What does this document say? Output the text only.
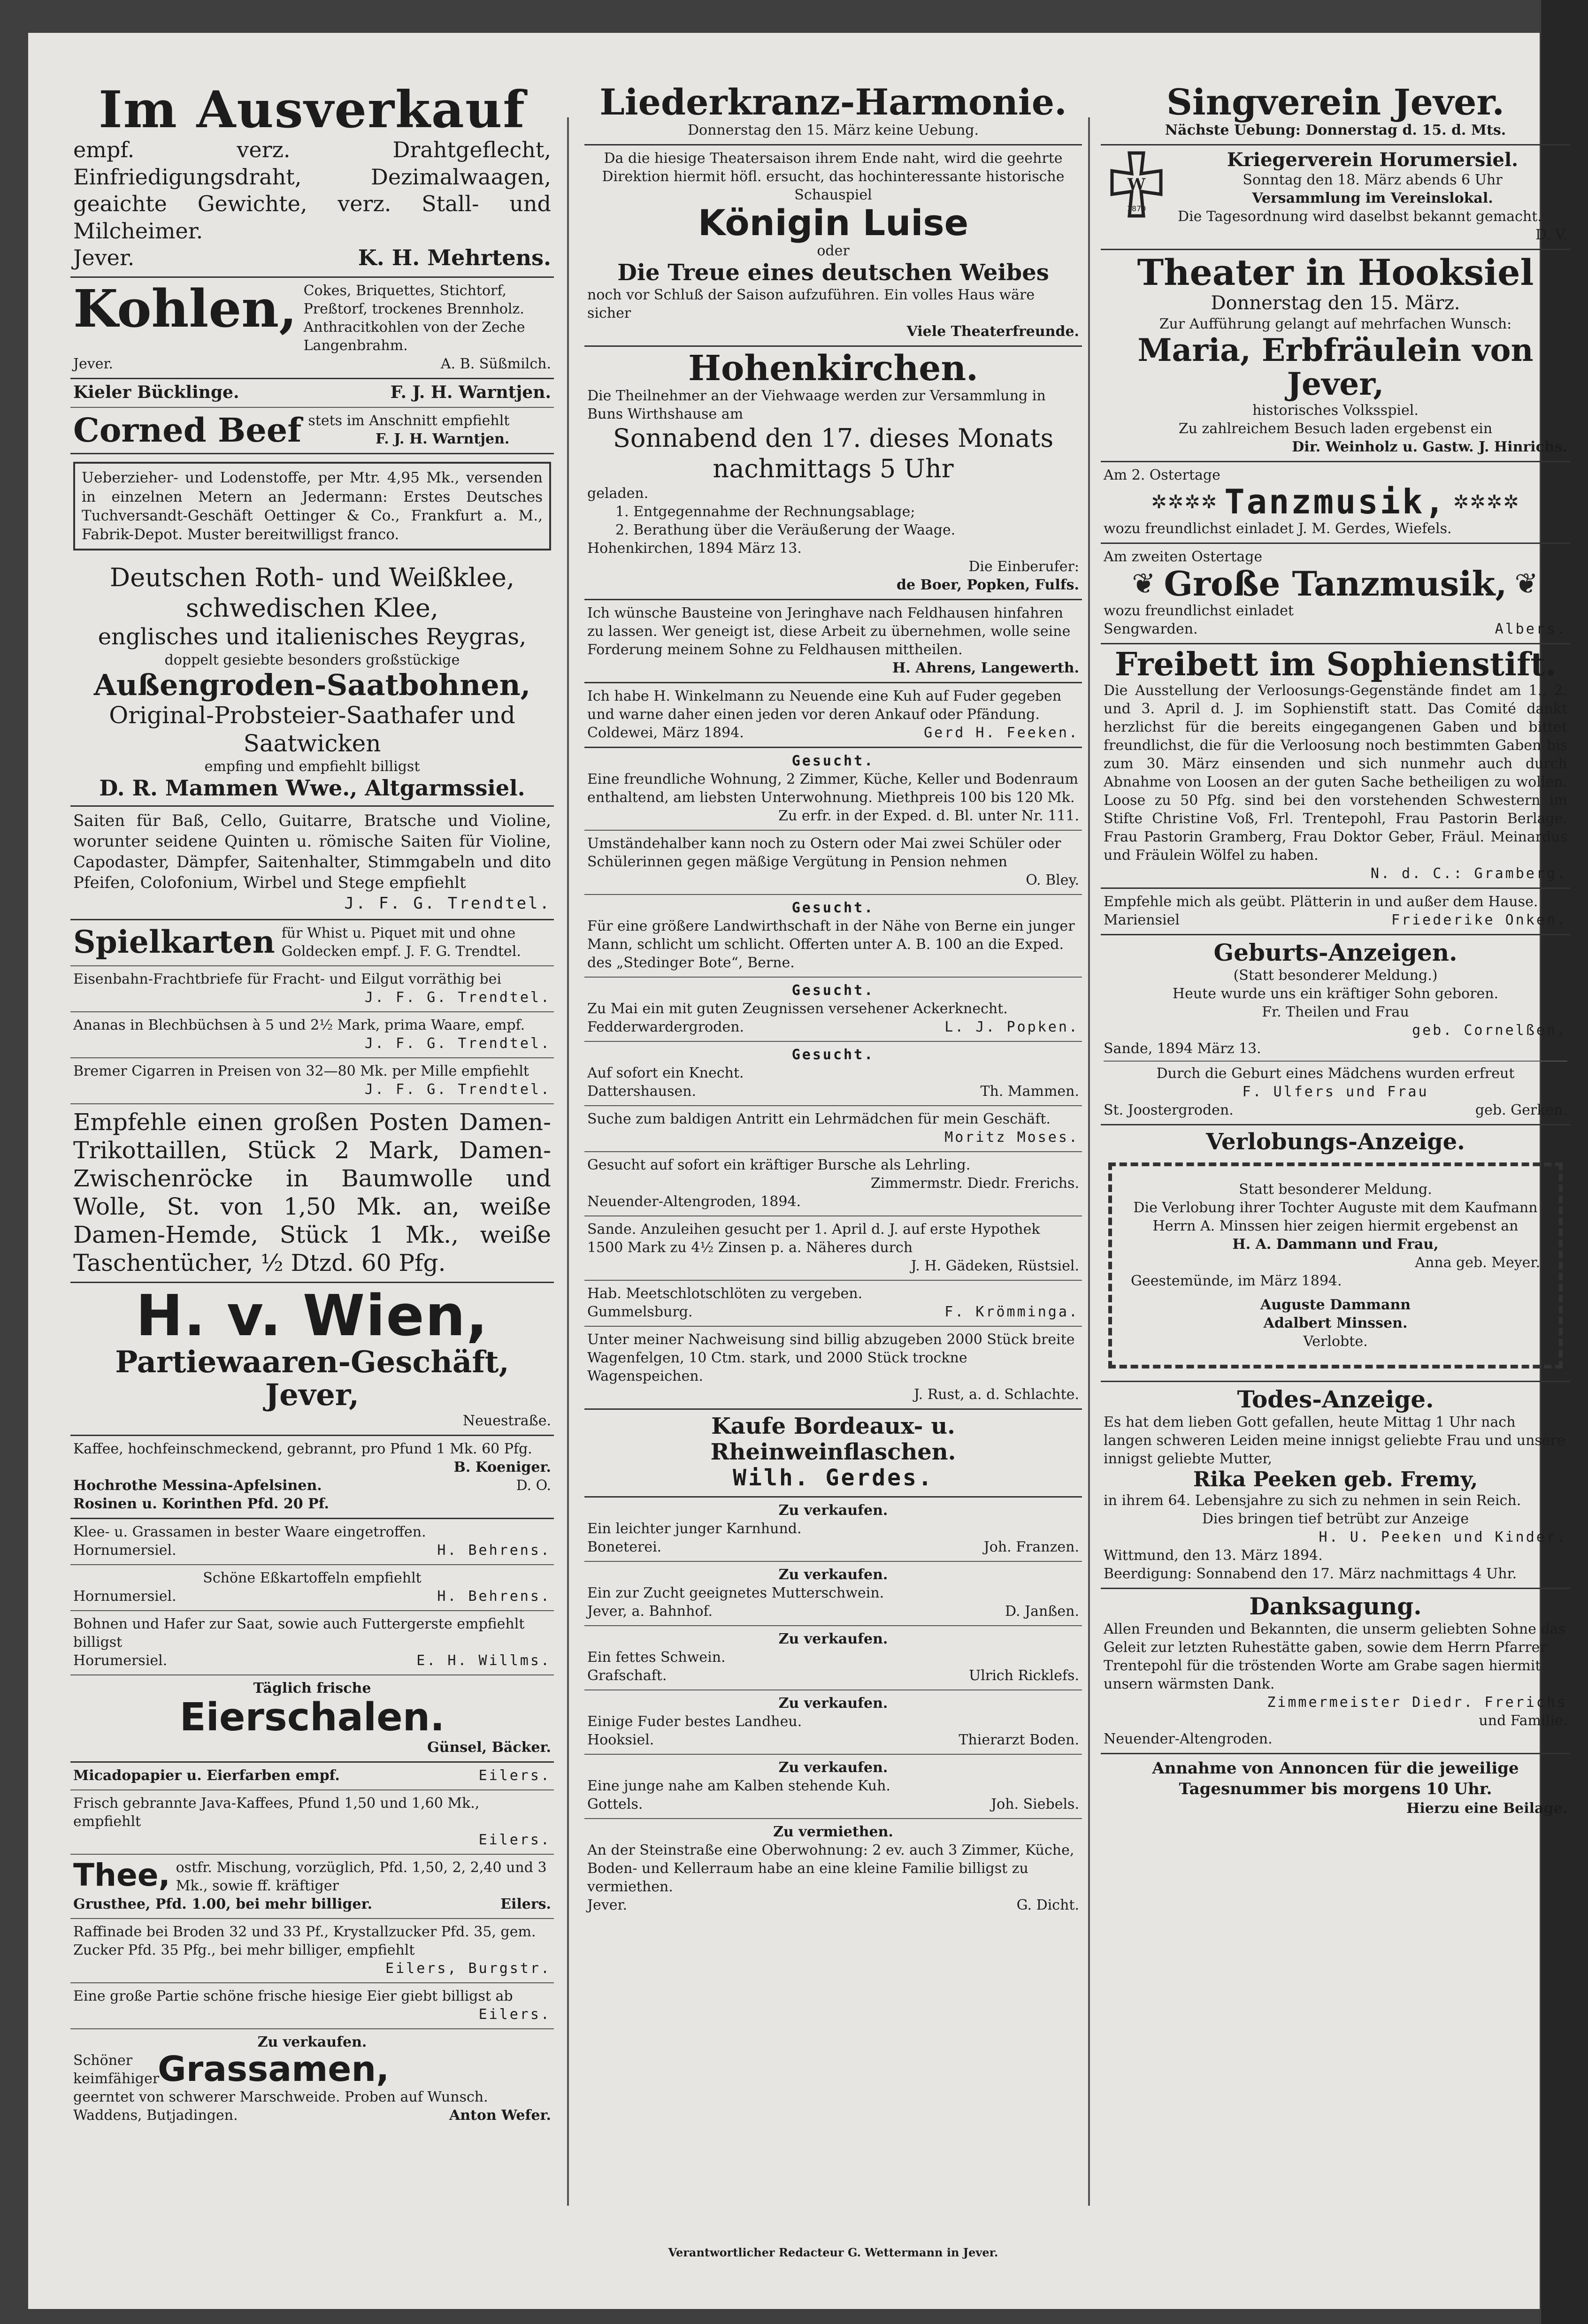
Im Ausverkauf
empf. verz. Drahtgeflecht, Einfriedigungsdraht, Dezimalwaagen, geaichte Gewichte, verz. Stall- und Milcheimer.
Jever.	K. H. Mehrtens.
Kohlen, Cokes, Briquettes, Stichtorf, Preßtorf, trockenes Brennholz. Anthracitkohlen von der Zeche Langenbrahm.
Jever.	A. B. Süßmilch.
Kieler Bücklinge.	F. J. H. Warntjen.
Corned Beef stets im Anschnitt empfiehlt
F. J. H. Warntjen.
Ueberzieher- und Lodenstoffe, per Mtr. 4,95 Mk., versenden in einzelnen Metern an Jedermann: Erstes Deutsches Tuchversandt-Geschäft Oettinger & Co., Frankfurt a. M., Fabrik-Depot. Muster bereitwilligst franco.
Deutschen Roth- und Weißklee,
schwedischen Klee,
englisches und italienisches Reygras,
doppelt gesiebte besonders großstückige
Außengroden-Saatbohnen,
Original-Probsteier-Saathafer und Saatwicken
empfing und empfiehlt billigst
D. R. Mammen Wwe., Altgarmssiel.
Saiten für Baß, Cello, Guitarre, Bratsche und Violine, worunter seidene Quinten u. römische Saiten für Violine, Capodaster, Dämpfer, Saitenhalter, Stimmgabeln und dito Pfeifen, Colofonium, Wirbel und Stege empfiehlt
J. F. G. Trendtel.
Spielkarten für Whist u. Piquet mit und ohne Goldecken empf. J. F. G. Trendtel.
Eisenbahn-Frachtbriefe für Fracht- und Eilgut vorräthig bei
J. F. G. Trendtel.
Ananas in Blechbüchsen à 5 und 2½ Mark, prima Waare, empf.
J. F. G. Trendtel.
Bremer Cigarren in Preisen von 32—80 Mk. per Mille empfiehlt
J. F. G. Trendtel.
Empfehle einen großen Posten Damen-Trikottaillen, Stück 2 Mark, Damen-Zwischenröcke in Baumwolle und Wolle, St. von 1,50 Mk. an, weiße Damen-Hemde, Stück 1 Mk., weiße Taschentücher, ½ Dtzd. 60 Pfg.
H. v. Wien,
Partiewaaren-Geschäft, Jever,
Neuestraße.
Kaffee, hochfeinschmeckend, gebrannt, pro Pfund 1 Mk. 60 Pfg.
B. Koeniger.
Hochrothe Messina-Apfelsinen.	D. O.
Rosinen u. Korinthen Pfd. 20 Pf.
Klee- u. Grassamen in bester Waare eingetroffen.
Hornumersiel.	H. Behrens.
Schöne Eßkartoffeln empfiehlt
Hornumersiel.	H. Behrens.
Bohnen und Hafer zur Saat, sowie auch Futtergerste empfiehlt billigst
Horumersiel.	E. H. Willms.
Täglich frische
Eierschalen.
Günsel, Bäcker.
Micadopapier u. Eierfarben empf.	Eilers.
Frisch gebrannte Java-Kaffees, Pfund 1,50 und 1,60 Mk., empfiehlt
Eilers.
Thee, ostfr. Mischung, vorzüglich, Pfd. 1,50, 2, 2,40 und 3 Mk., sowie ff. kräftiger
Grusthee, Pfd. 1.00, bei mehr billiger.	Eilers.
Raffinade bei Broden 32 und 33 Pf., Krystallzucker Pfd. 35, gem. Zucker Pfd. 35 Pfg., bei mehr billiger, empfiehlt
Eilers, Burgstr.
Eine große Partie schöne frische hiesige Eier giebt billigst ab
Eilers.
Zu verkaufen.
Schöner keimfähiger
Grassamen,
geerntet von schwerer Marschweide. Proben auf Wunsch.
Waddens, Butjadingen.	Anton Wefer.
Liederkranz-Harmonie.
Donnerstag den 15. März keine Uebung.
Da die hiesige Theatersaison ihrem Ende naht, wird die geehrte Direktion hiermit höfl. ersucht, das hochinteressante historische Schauspiel
Königin Luise
oder
Die Treue eines deutschen Weibes
noch vor Schluß der Saison aufzuführen. Ein volles Haus wäre sicher
Viele Theaterfreunde.
Hohenkirchen.
Die Theilnehmer an der Viehwaage werden zur Versammlung in Buns Wirthshause am
Sonnabend den 17. dieses Monats
nachmittags 5 Uhr
geladen.
1. Entgegennahme der Rechnungsablage;
2. Berathung über die Veräußerung der Waage.
Hohenkirchen, 1894 März 13.
Die Einberufer:
de Boer, Popken, Fulfs.
Ich wünsche Bausteine von Jeringhave nach Feldhausen hinfahren zu lassen. Wer geneigt ist, diese Arbeit zu übernehmen, wolle seine Forderung meinem Sohne zu Feldhausen mittheilen.
H. Ahrens, Langewerth.
Ich habe H. Winkelmann zu Neuende eine Kuh auf Fuder gegeben und warne daher einen jeden vor deren Ankauf oder Pfändung.
Coldewei, März 1894.	Gerd H. Feeken.
Gesucht.
Eine freundliche Wohnung, 2 Zimmer, Küche, Keller und Bodenraum enthaltend, am liebsten Unterwohnung. Miethpreis 100 bis 120 Mk.
Zu erfr. in der Exped. d. Bl. unter Nr. 111.
Umständehalber kann noch zu Ostern oder Mai zwei Schüler oder Schülerinnen gegen mäßige Vergütung in Pension nehmen
O. Bley.
Gesucht.
Für eine größere Landwirthschaft in der Nähe von Berne ein junger Mann, schlicht um schlicht. Offerten unter A. B. 100 an die Exped. des „Stedinger Bote“, Berne.
Gesucht.
Zu Mai ein mit guten Zeugnissen versehener Ackerknecht.
Fedderwardergroden.	L. J. Popken.
Gesucht.
Auf sofort ein Knecht.
Dattershausen.	Th. Mammen.
Suche zum baldigen Antritt ein Lehrmädchen für mein Geschäft.
Moritz Moses.
Gesucht auf sofort ein kräftiger Bursche als Lehrling.
Zimmermstr. Diedr. Frerichs.
Neuender-Altengroden, 1894.
Sande. Anzuleihen gesucht per 1. April d. J. auf erste Hypothek 1500 Mark zu 4½ Zinsen p. a. Näheres durch
J. H. Gädeken, Rüstsiel.
Hab. Meetschlotschlöten zu vergeben.
Gummelsburg.	F. Krömminga.
Unter meiner Nachweisung sind billig abzugeben 2000 Stück breite Wagenfelgen, 10 Ctm. stark, und 2000 Stück trockne Wagenspeichen.
J. Rust, a. d. Schlachte.
Kaufe Bordeaux- u. Rheinweinflaschen.
Wilh. Gerdes.
Zu verkaufen.
Ein leichter junger Karnhund.
Boneterei.	Joh. Franzen.
Zu verkaufen.
Ein zur Zucht geeignetes Mutterschwein.
Jever, a. Bahnhof.	D. Janßen.
Zu verkaufen.
Ein fettes Schwein.
Grafschaft.	Ulrich Ricklefs.
Zu verkaufen.
Einige Fuder bestes Landheu.
Hooksiel.	Thierarzt Boden.
Zu verkaufen.
Eine junge nahe am Kalben stehende Kuh.
Gottels.	Joh. Siebels.
Zu vermiethen.
An der Steinstraße eine Oberwohnung: 2 ev. auch 3 Zimmer, Küche, Boden- und Kellerraum habe an eine kleine Familie billigst zu vermiethen.
Jever.	G. Dicht.
Singverein Jever.
Nächste Uebung: Donnerstag d. 15. d. Mts.
W
1870
Kriegerverein Horumersiel.
Sonntag den 18. März abends 6 Uhr
Versammlung im Vereinslokal.
Die Tagesordnung wird daselbst bekannt gemacht.
D. V.
Theater in Hooksiel
Donnerstag den 15. März.
Zur Aufführung gelangt auf mehrfachen Wunsch:
Maria, Erbfräulein von Jever,
historisches Volksspiel.
Zu zahlreichem Besuch laden ergebenst ein
Dir. Weinholz u. Gastw. J. Hinrichs.
Am 2. Ostertage
✲✲✲✲ Tanzmusik, ✲✲✲✲
wozu freundlichst einladet J. M. Gerdes, Wiefels.
Am zweiten Ostertage
❦ Große Tanzmusik, ❦
wozu freundlichst einladet
Sengwarden.	Albers.
Freibett im Sophienstift.
Die Ausstellung der Verloosungs-Gegenstände findet am 1., 2. und 3. April d. J. im Sophienstift statt. Das Comité dankt herzlichst für die bereits eingegangenen Gaben und bittet freundlichst, die für die Verloosung noch bestimmten Gaben bis zum 30. März einsenden und sich nunmehr auch durch Abnahme von Loosen an der guten Sache betheiligen zu wollen. Loose zu 50 Pfg. sind bei den vorstehenden Schwestern im Stifte Christine Voß, Frl. Trentepohl, Frau Pastorin Berlage, Frau Pastorin Gramberg, Frau Doktor Geber, Fräul. Meinardus und Fräulein Wölfel zu haben.
N. d. C.: Gramberg.
Empfehle mich als geübt. Plätterin in und außer dem Hause.
Mariensiel	Friederike Onken.
Geburts-Anzeigen.
(Statt besonderer Meldung.)
Heute wurde uns ein kräftiger Sohn geboren.
Fr. Theilen und Frau
geb. Cornelßen.
Sande, 1894 März 13.
Durch die Geburt eines Mädchens wurden erfreut
F. Ulfers und Frau
St. Joostergroden.	geb. Gerken.
Verlobungs-Anzeige.
Statt besonderer Meldung.
Die Verlobung ihrer Tochter Auguste mit dem Kaufmann Herrn A. Minssen hier zeigen hiermit ergebenst an
H. A. Dammann und Frau,
Anna geb. Meyer.
Geestemünde, im März 1894.
Auguste Dammann
Adalbert Minssen.
Verlobte.
Todes-Anzeige.
Es hat dem lieben Gott gefallen, heute Mittag 1 Uhr nach langen schweren Leiden meine innigst geliebte Frau und unsere innigst geliebte Mutter,
Rika Peeken geb. Fremy,
in ihrem 64. Lebensjahre zu sich zu nehmen in sein Reich.
Dies bringen tief betrübt zur Anzeige
H. U. Peeken und Kinder.
Wittmund, den 13. März 1894.
Beerdigung: Sonnabend den 17. März nachmittags 4 Uhr.
Danksagung.
Allen Freunden und Bekannten, die unserm geliebten Sohne das Geleit zur letzten Ruhestätte gaben, sowie dem Herrn Pfarrer Trentepohl für die tröstenden Worte am Grabe sagen hiermit unsern wärmsten Dank.
Zimmermeister Diedr. Frerichs
und Familie.
Neuender-Altengroden.
Annahme von Annoncen für die jeweilige Tagesnummer bis morgens 10 Uhr.
Hierzu eine Beilage.
Verantwortlicher Redacteur G. Wettermann in Jever.
